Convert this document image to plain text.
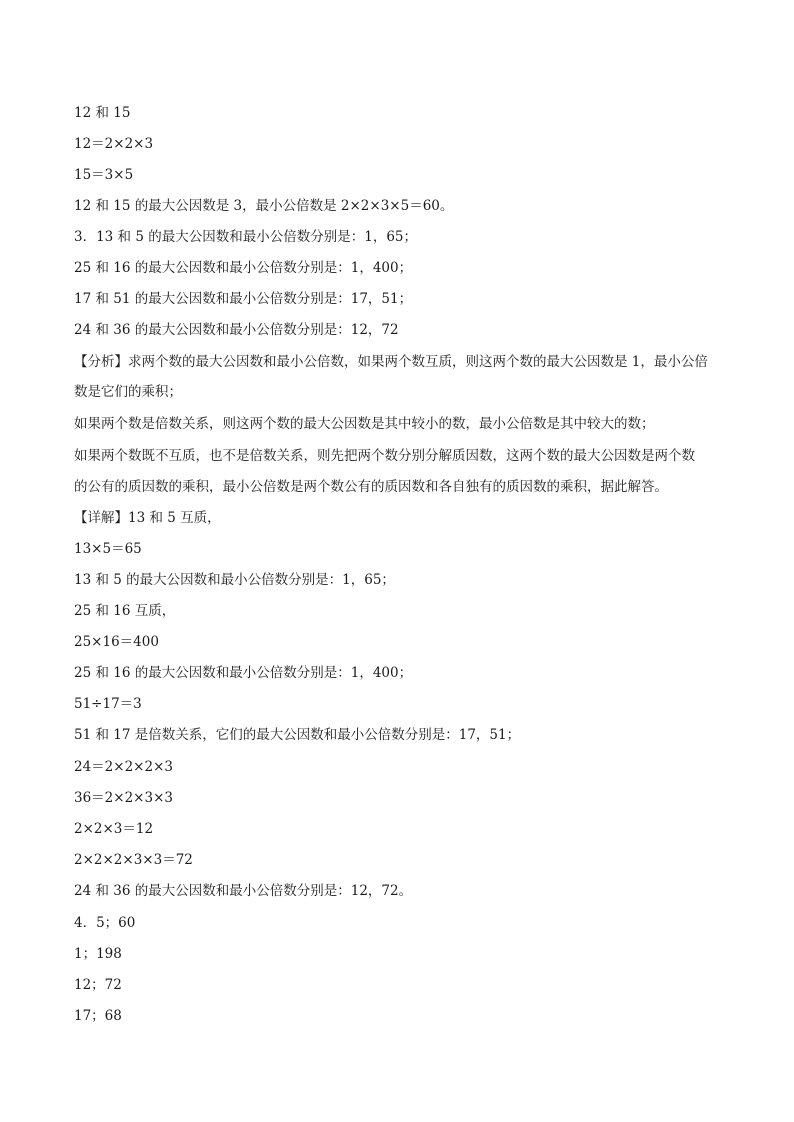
12 和 15
12＝2×2×3
15＝3×5
12 和 15 的最大公因数是 3，最小公倍数是 2×2×3×5＝60。
3．13 和 5 的最大公因数和最小公倍数分别是：1，65；
25 和 16 的最大公因数和最小公倍数分别是：1，400；
17 和 51 的最大公因数和最小公倍数分别是：17，51；
24 和 36 的最大公因数和最小公倍数分别是：12，72
【分析】求两个数的最大公因数和最小公倍数，如果两个数互质，则这两个数的最大公因数是 1，最小公倍
数是它们的乘积；
如果两个数是倍数关系，则这两个数的最大公因数是其中较小的数，最小公倍数是其中较大的数；
如果两个数既不互质，也不是倍数关系，则先把两个数分别分解质因数，这两个数的最大公因数是两个数
的公有的质因数的乘积，最小公倍数是两个数公有的质因数和各自独有的质因数的乘积，据此解答。
【详解】13 和 5 互质，
13×5＝65
13 和 5 的最大公因数和最小公倍数分别是：1，65；
25 和 16 互质，
25×16＝400
25 和 16 的最大公因数和最小公倍数分别是：1，400；
51÷17＝3
51 和 17 是倍数关系，它们的最大公因数和最小公倍数分别是：17，51；
24＝2×2×2×3
36＝2×2×3×3
2×2×3＝12
2×2×2×3×3＝72
24 和 36 的最大公因数和最小公倍数分别是：12，72。
4．5；60
1；198
12；72
17；68
